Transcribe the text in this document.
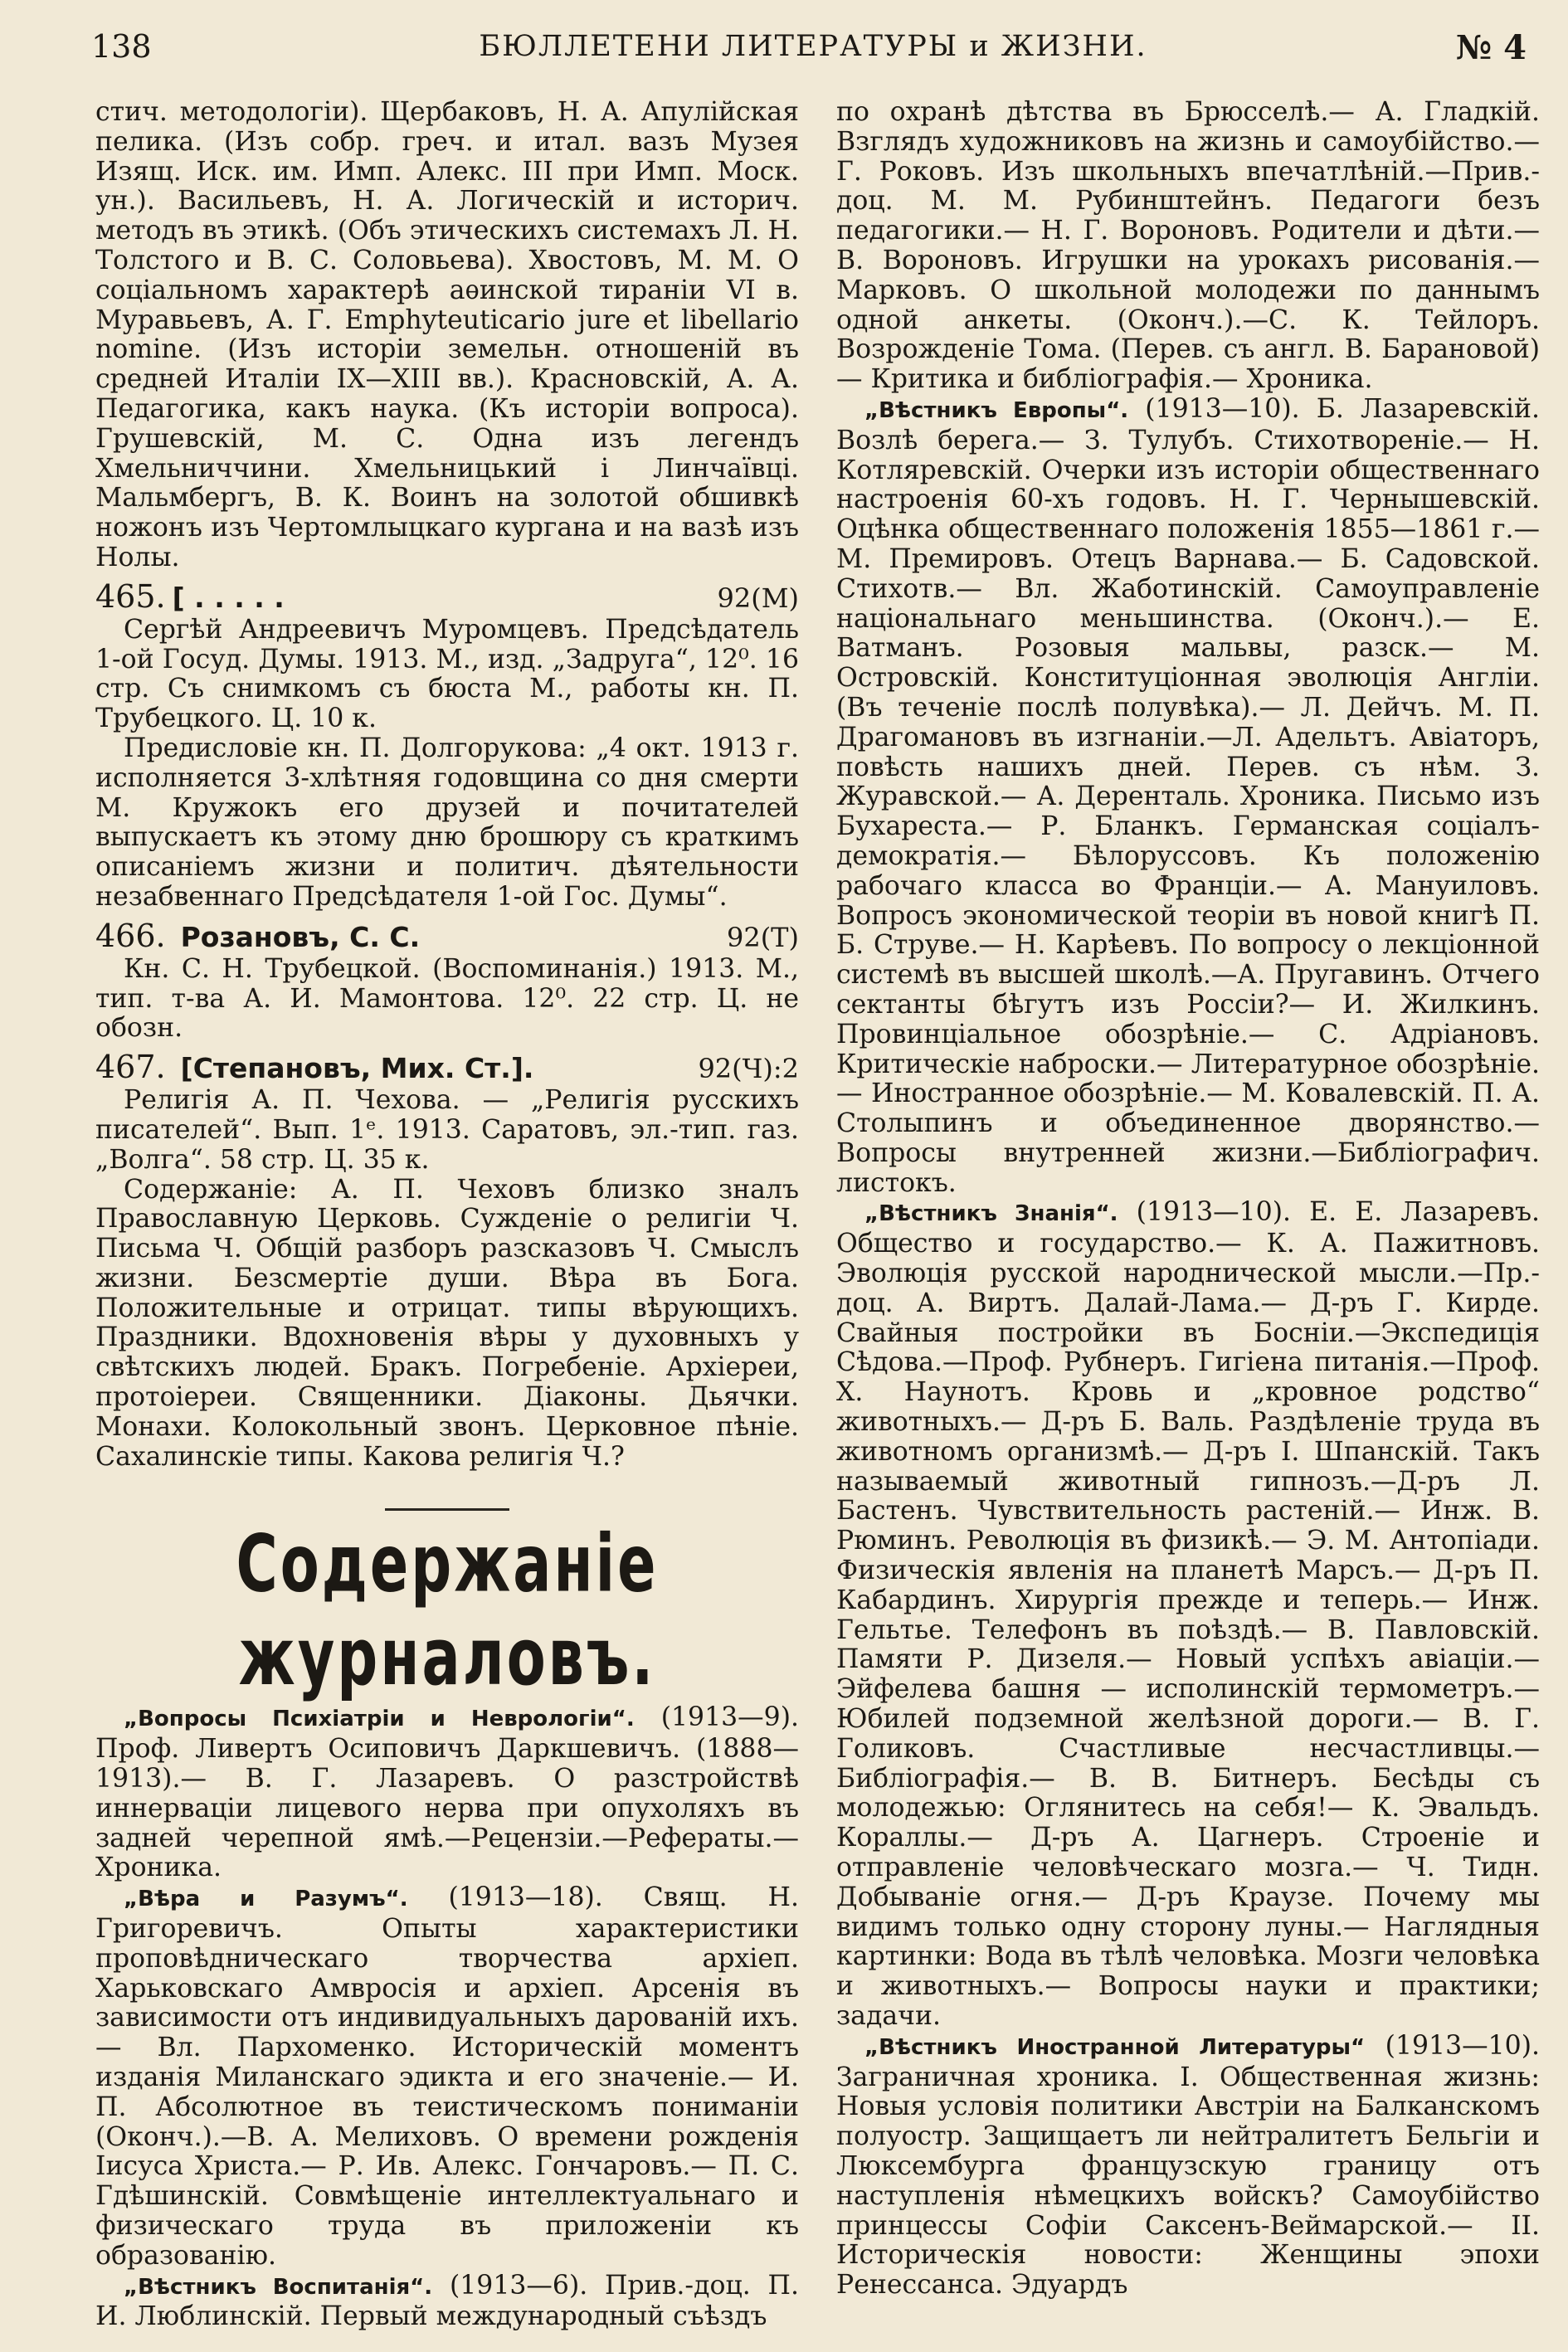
138	БЮЛЛЕТЕНИ ЛИТЕРАТУРЫ и ЖИЗНИ.	№ 4

стич. методологіи). Щербаковъ, Н. А. Апулійская пелика. (Изъ собр. греч. и итал. вазъ Музея Изящ. Иск. им. Имп. Алекс. III при Имп. Моск. ун.). Васильевъ, Н. А. Логическій и историч. методъ въ этикѣ. (Объ этическихъ системахъ Л. Н. Толстого и В. С. Соловьева). Хвостовъ, М. М. О соціальномъ характерѣ аѳинской тираніи VI в. Муравьевъ, А. Г. Emphyteuticario jure et libellario nomine. (Изъ исторіи земельн. отношеній въ средней Италіи IX—XIII вв.). Красновскій, А. А. Педагогика, какъ наука. (Къ исторіи вопроса). Грушевскій, М. С. Одна изъ легендъ Хмельниччини. Хмельницький і Линчаївці. Мальмбергъ, В. К. Воинъ на золотой обшивкѣ ножонъ изъ Чертомлыцкаго кургана и на вазѣ изъ Нолы.

465. [ . . . . .	92(М)

Сергѣй Андреевичъ Муромцевъ. Предсѣдатель 1-ой Госуд. Думы. 1913. М., изд. „Задруга“, 12⁰. 16 стр. Съ снимкомъ съ бюста М., работы кн. П. Трубецкого. Ц. 10 к.

Предисловіе кн. П. Долгорукова: „4 окт. 1913 г. исполняется 3-хлѣтняя годовщина со дня смерти М. Кружокъ его друзей и почитателей выпускаетъ къ этому дню брошюру съ краткимъ описаніемъ жизни и политич. дѣятельности незабвеннаго Предсѣдателя 1-ой Гос. Думы“.

466. Розановъ, С. С.	92(Т)

Кн. С. Н. Трубецкой. (Воспоминанія.) 1913. М., тип. т-ва А. И. Мамонтова. 12⁰. 22 стр. Ц. не обозн.

467. [Степановъ, Мих. Ст.].	92(Ч):2

Религія А. П. Чехова. — „Религія русскихъ писателей“. Вып. 1ᵉ. 1913. Саратовъ, эл.-тип. газ. „Волга“. 58 стр. Ц. 35 к.

Содержаніе: А. П. Чеховъ близко зналъ Православную Церковь. Сужденіе о религіи Ч. Письма Ч. Общій разборъ разсказовъ Ч. Смыслъ жизни. Безсмертіе души. Вѣра въ Бога. Положительные и отрицат. типы вѣрующихъ. Праздники. Вдохновенія вѣры у духовныхъ у свѣтскихъ людей. Бракъ. Погребеніе. Архіереи, протоіереи. Священники. Діаконы. Дьячки. Монахи. Колокольный звонъ. Церковное пѣніе. Сахалинскіе типы. Какова религія Ч.?

Содержаніе журналовъ.

„Вопросы Психіатріи и Неврологіи“. (1913—9). Проф. Ливертъ Осиповичъ Даркшевичъ. (1888—1913).— В. Г. Лазаревъ. О разстройствѣ иннерваціи лицевого нерва при опухоляхъ въ задней черепной ямѣ.—Рецензіи.—Рефераты.—Хроника.

„Вѣра и Разумъ“. (1913—18). Свящ. Н. Григоревичъ. Опыты характеристики проповѣдническаго творчества архіеп. Харьковскаго Амвросія и архіеп. Арсенія въ зависимости отъ индивидуальныхъ дарованій ихъ.— Вл. Пархоменко. Историческій моментъ изданія Миланскаго эдикта и его значеніе.— И. П. Абсолютное въ теистическомъ пониманіи (Оконч.).—В. А. Мелиховъ. О времени рожденія Іисуса Христа.— Р. Ив. Алекс. Гончаровъ.— П. С. Гдѣшинскій. Совмѣщеніе интеллектуальнаго и физическаго труда въ приложеніи къ образованію.

„Вѣстникъ Воспитанія“. (1913—6). Прив.-доц. П. И. Люблинскій. Первый международный съѣздъ

по охранѣ дѣтства въ Брюсселѣ.— А. Гладкій. Взглядъ художниковъ на жизнь и самоубійство.— Г. Роковъ. Изъ школьныхъ впечатлѣній.—Прив.-доц. М. М. Рубинштейнъ. Педагоги безъ педагогики.— Н. Г. Вороновъ. Родители и дѣти.— В. Вороновъ. Игрушки на урокахъ рисованія.— Марковъ. О школьной молодежи по даннымъ одной анкеты. (Оконч.).—С. К. Тейлоръ. Возрожденіе Тома. (Перев. съ англ. В. Барановой)— Критика и библіографія.— Хроника.

„Вѣстникъ Европы“. (1913—10). Б. Лазаревскій. Возлѣ берега.— З. Тулубъ. Стихотвореніе.— Н. Котляревскій. Очерки изъ исторіи общественнаго настроенія 60-хъ годовъ. Н. Г. Чернышевскій. Оцѣнка общественнаго положенія 1855—1861 г.— М. Премировъ. Отецъ Варнава.— Б. Садовской. Стихотв.— Вл. Жаботинскій. Самоуправленіе національнаго меньшинства. (Оконч.).— Е. Ватманъ. Розовыя мальвы, разск.— М. Островскій. Конституціонная эволюція Англіи. (Въ теченіе послѣ полувѣка).— Л. Дейчъ. М. П. Драгомановъ въ изгнаніи.—Л. Адельтъ. Авіаторъ, повѣсть нашихъ дней. Перев. съ нѣм. З. Журавской.— А. Деренталь. Хроника. Письмо изъ Бухареста.— Р. Бланкъ. Германская соціалъ-демократія.— Бѣлоруссовъ. Къ положенію рабочаго класса во Франціи.— А. Мануиловъ. Вопросъ экономической теоріи въ новой книгѣ П. Б. Струве.— Н. Карѣевъ. По вопросу о лекціонной системѣ въ высшей школѣ.—А. Пругавинъ. Отчего сектанты бѣгутъ изъ Россіи?— И. Жилкинъ. Провинціальное обозрѣніе.— С. Адріановъ. Критическіе наброски.— Литературное обозрѣніе.— Иностранное обозрѣніе.— М. Ковалевскій. П. А. Столыпинъ и объединенное дворянство.— Вопросы внутренней жизни.—Библіографич. листокъ.

„Вѣстникъ Знанія“. (1913—10). Е. Е. Лазаревъ. Общество и государство.— К. А. Пажитновъ. Эволюція русской народнической мысли.—Пр.-доц. А. Виртъ. Далай-Лама.— Д-ръ Г. Кирде. Свайныя постройки въ Босніи.—Экспедиція Сѣдова.—Проф. Рубнеръ. Гигіена питанія.—Проф. Х. Наунотъ. Кровь и „кровное родство“ животныхъ.— Д-ръ Б. Валь. Раздѣленіе труда въ животномъ организмѣ.— Д-ръ І. Шпанскій. Такъ называемый животный гипнозъ.—Д-ръ Л. Бастенъ. Чувствительность растеній.— Инж. В. Рюминъ. Революція въ физикѣ.— Э. М. Антопіади. Физическія явленія на планетѣ Марсъ.— Д-ръ П. Кабардинъ. Хирургія прежде и теперь.— Инж. Гельтье. Телефонъ въ поѣздѣ.— В. Павловскій. Памяти Р. Дизеля.— Новый успѣхъ авіаціи.— Эйфелева башня — исполинскій термометръ.— Юбилей подземной желѣзной дороги.— В. Г. Голиковъ. Счастливые несчастливцы.— Библіографія.— В. В. Битнеръ. Бесѣды съ молодежью: Оглянитесь на себя!— К. Эвальдъ. Кораллы.— Д-ръ А. Цагнеръ. Строеніе и отправленіе человѣческаго мозга.— Ч. Тидн. Добываніе огня.— Д-ръ Краузе. Почему мы видимъ только одну сторону луны.— Наглядныя картинки: Вода въ тѣлѣ человѣка. Мозги человѣка и животныхъ.— Вопросы науки и практики; задачи.

„Вѣстникъ Иностранной Литературы“ (1913—10). Заграничная хроника. I. Общественная жизнь: Новыя условія политики Австріи на Балканскомъ полуостр. Защищаетъ ли нейтралитетъ Бельгіи и Люксембурга французскую границу отъ наступленія нѣмецкихъ войскъ? Самоубійство принцессы Софіи Саксенъ-Веймарской.— II. Историческія новости: Женщины эпохи Ренессанса. Эдуардъ
